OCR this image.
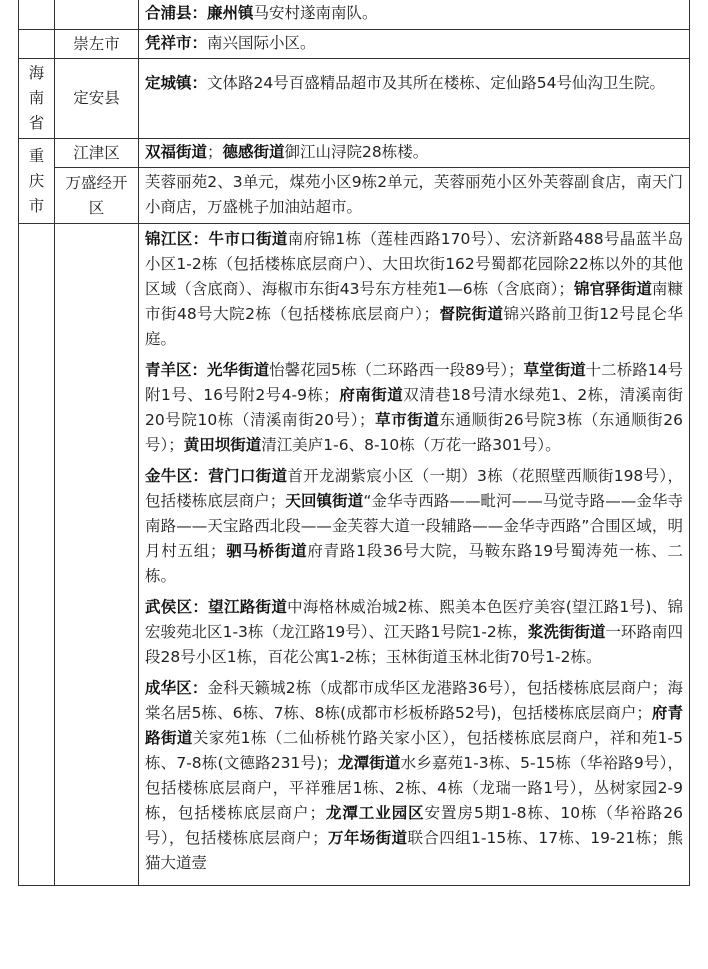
		合浦县：廉州镇马安村遂南南队。
	崇左市	凭祥市：南兴国际小区。

海南省	定安县	定城镇：文体路24号百盛精品超市及其所在楼栋、定仙路54号仙沟卫生院。

重庆市	江津区	双福街道；德感街道御江山浔院28栋楼。

	万盛经开区	芙蓉丽苑2、3单元，煤苑小区9栋2单元，芙蓉丽苑小区外芙蓉副食店，南天门小商店，万盛桃子加油站超市。

		锦江区：牛市口街道南府锦1栋（莲桂西路170号）、宏济新路488号晶蓝半岛小区1-2栋（包括楼栋底层商户）、大田坎街162号蜀都花园除22栋以外的其他区域（含底商）、海椒市东街43号东方桂苑1—6栋（含底商）；锦官驿街道南糠市街48号大院2栋（包括楼栋底层商户）；督院街道锦兴路前卫街12号昆仑华庭。

青羊区：光华街道怡馨花园5栋（二环路西一段89号）；草堂街道十二桥路14号附1号、16号附2号4-9栋；府南街道双清巷18号清水绿苑1、2栋，清溪南街20号院10栋（清溪南街20号）；草市街道东通顺街26号院3栋（东通顺街26号）；黄田坝街道清江美庐1-6、8-10栋（万花一路301号）。

金牛区：营门口街道首开龙湖紫宸小区（一期）3栋（花照壁西顺街198号），包括楼栋底层商户；天回镇街道“金华寺西路——毗河——马觉寺路——金华寺南路——天宝路西北段——金芙蓉大道一段辅路——金华寺西路”合围区域，明月村五组；驷马桥街道府青路1段36号大院，马鞍东路19号蜀涛苑一栋、二栋。

武侯区：望江路街道中海格林威治城2栋、熙美本色医疗美容(望江路1号)、锦宏骏苑北区1-3栋（龙江路19号）、江天路1号院1-2栋，浆洗街街道一环路南四段28号小区1栋，百花公寓1-2栋；玉林街道玉林北街70号1-2栋。

成华区：金科天籁城2栋（成都市成华区龙港路36号），包括楼栋底层商户；海棠名居5栋、6栋、7栋、8栋(成都市杉板桥路52号)，包括楼栋底层商户；府青路街道关家苑1栋（二仙桥桃竹路关家小区），包括楼栋底层商户，祥和苑1-5栋、7-8栋(文德路231号)；龙潭街道水乡嘉苑1-3栋、5-15栋（华裕路9号），包括楼栋底层商户，平祥雅居1栋、2栋、4栋（龙瑞一路1号），丛树家园2-9栋，包括楼栋底层商户；龙潭工业园区安置房5期1-8栋、10栋（华裕路26号），包括楼栋底层商户；万年场街道联合四组1-15栋、17栋、19-21栋；熊猫大道壹
